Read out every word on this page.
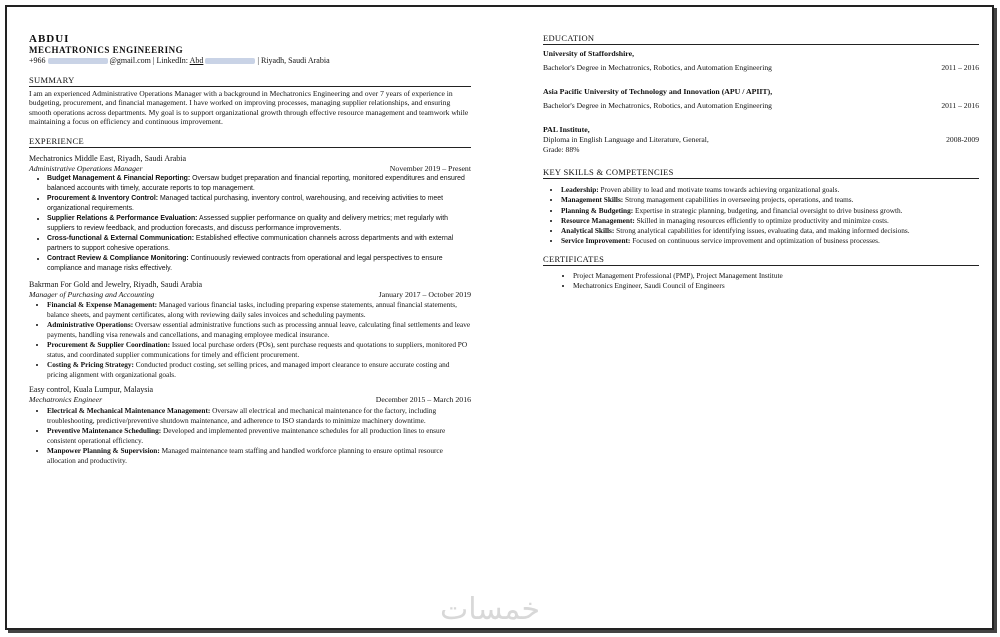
ABDUI
MECHATRONICS ENGINEERING
+966	@gmail.com | LinkedIn: Abd	| Riyadh, Saudi Arabia
SUMMARY
I am an experienced Administrative Operations Manager with a background in Mechatronics Engineering and over 7 years of experience in budgeting, procurement, and financial management. I have worked on improving processes, managing supplier relationships, and ensuring smooth operations across departments. My goal is to support organizational growth through effective resource management and teamwork while maintaining a focus on efficiency and continuous improvement.
EXPERIENCE
Mechatronics Middle East, Riyadh, Saudi Arabia
Administrative Operations Manager	November 2019 – Present
• Budget Management & Financial Reporting: Oversaw budget preparation and financial reporting, monitored expenditures and ensured balanced accounts with timely, accurate reports to top management.
• Procurement & Inventory Control: Managed tactical purchasing, inventory control, warehousing, and receiving activities to meet organizational requirements.
• Supplier Relations & Performance Evaluation: Assessed supplier performance on quality and delivery metrics; met regularly with suppliers to review feedback, and production forecasts, and discuss performance improvements.
• Cross-functional & External Communication: Established effective communication channels across departments and with external partners to support cohesive operations.
• Contract Review & Compliance Monitoring: Continuously reviewed contracts from operational and legal perspectives to ensure compliance and manage risks effectively.
Bakrman For Gold and Jewelry, Riyadh, Saudi Arabia
Manager of Purchasing and Accounting	January 2017 – October 2019
• Financial & Expense Management: Managed various financial tasks, including preparing expense statements, annual financial statements, balance sheets, and payment certificates, along with reviewing daily sales invoices and scheduling payments.
• Administrative Operations: Oversaw essential administrative functions such as processing annual leave, calculating final settlements and leave payments, handling visa renewals and cancellations, and managing employee medical insurance.
• Procurement & Supplier Coordination: Issued local purchase orders (POs), sent purchase requests and quotations to suppliers, monitored PO status, and coordinated supplier communications for timely and efficient procurement.
• Costing & Pricing Strategy: Conducted product costing, set selling prices, and managed import clearance to ensure accurate costing and pricing alignment with organizational goals.
Easy control, Kuala Lumpur, Malaysia
Mechatronics Engineer	December 2015 – March 2016
• Electrical & Mechanical Maintenance Management: Oversaw all electrical and mechanical maintenance for the factory, including troubleshooting, predictive/preventive shutdown maintenance, and adherence to ISO standards to minimize machinery downtime.
• Preventive Maintenance Scheduling: Developed and implemented preventive maintenance schedules for all production lines to ensure consistent operational efficiency.
• Manpower Planning & Supervision: Managed maintenance team staffing and handled workforce planning to ensure optimal resource allocation and productivity.
EDUCATION
University of Staffordshire,
Bachelor's Degree in Mechatronics, Robotics, and Automation Engineering	2011 – 2016
Asia Pacific University of Technology and Innovation (APU / APIIT),
Bachelor's Degree in Mechatronics, Robotics, and Automation Engineering	2011 – 2016
PAL Institute,
Diploma in English Language and Literature, General,	2008-2009
Grade: 88%
KEY SKILLS & COMPETENCIES
• Leadership: Proven ability to lead and motivate teams towards achieving organizational goals.
• Management Skills: Strong management capabilities in overseeing projects, operations, and teams.
• Planning & Budgeting: Expertise in strategic planning, budgeting, and financial oversight to drive business growth.
• Resource Management: Skilled in managing resources efficiently to optimize productivity and minimize costs.
• Analytical Skills: Strong analytical capabilities for identifying issues, evaluating data, and making informed decisions.
• Service Improvement: Focused on continuous service improvement and optimization of business processes.
CERTIFICATES
• Project Management Professional (PMP), Project Management Institute
• Mechatronics Engineer, Saudi Council of Engineers
خمسات
